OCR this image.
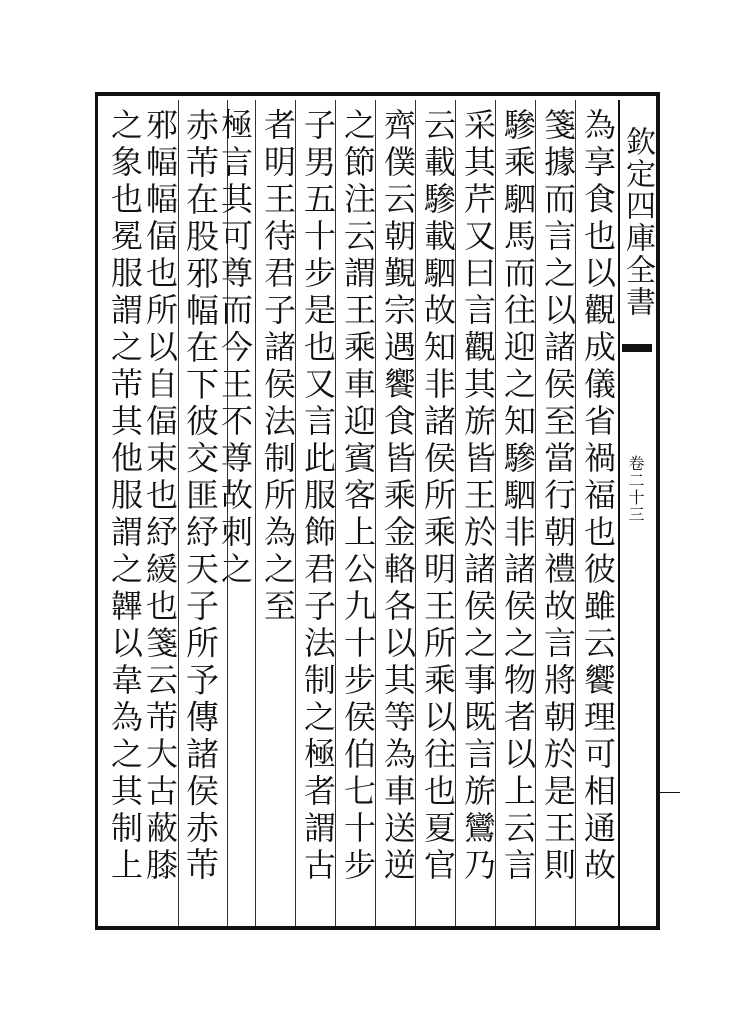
欽定四庫全書
卷二十三
為享食也以觀成儀省禍福也彼雖云饗理可相通故
箋據而言之以諸侯至當行朝禮故言將朝於是王則
驂乘駟馬而往迎之知驂駟非諸侯之物者以上云言
采其芹又曰言觀其旂皆王於諸侯之事既言旂鸞乃
云載驂載駟故知非諸侯所乘明王所乘以往也夏官
齊僕云朝覲宗遇饗食皆乘金輅各以其等為車送逆
之節注云謂王乘車迎賓客上公九十步侯伯七十步
子男五十步是也又言此服飾君子法制之極者謂古
者明王待君子諸侯法制所為之至
極言其可尊而今王不尊故刺之
赤芾在股邪幅在下彼交匪紓天子所予傳諸侯赤芾
邪幅幅偪也所以自偪束也紓緩也箋云芾大古蔽膝
之象也冕服謂之芾其他服謂之韠以韋為之其制上
